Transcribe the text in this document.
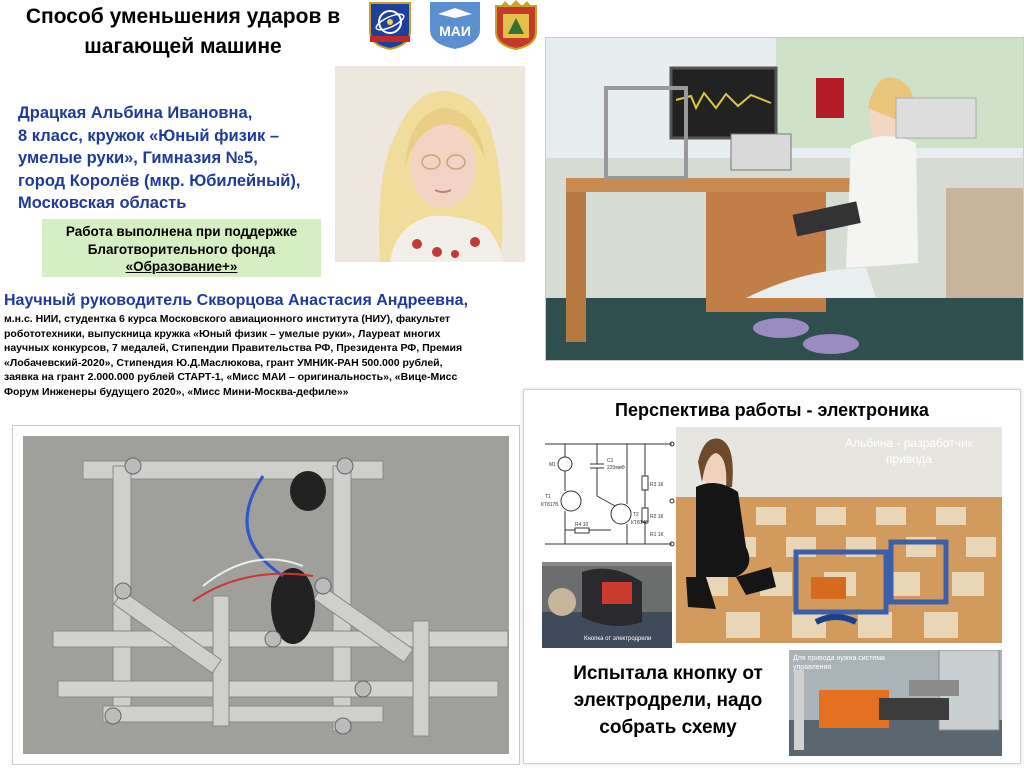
Способ уменьшения ударов в шагающей машине
МАИ
Драцкая Альбина Ивановна,
8 класс, кружок «Юный физик –
умелые руки», Гимназия №5,
город Королёв (мкр. Юбилейный),
Московская область
Работа выполнена при поддержке
Благотворительного фонда
«Образование+»
Научный руководитель Скворцова Анастасия Андреевна,
м.н.с. НИИ, студентка 6 курса Московского авиационного института (НИУ), факультет
робототехники, выпускница кружка «Юный физик – умелые руки», Лауреат многих
научных конкурсов, 7 медалей, Стипендии Правительства РФ, Президента РФ, Премия
«Лобачевский-2020», Стипендия Ю.Д.Маслюкова, грант УМНИК-РАН 500.000 рублей,
заявка на грант 2.000.000 рублей СТАРТ-1, «Мисс МАИ – оригинальность», «Вице-Мисс
Форум Инженеры будущего 2020», «Мисс Мини-Москва-дефиле»»
Перспектива работы - электроника
M1
T1
КТ817Б
C1
220мкФ
T2
КТ814Б
R3 1К
R2 1К
R4 10
R1 1К
Кнопка от электродрели
Альбина - разработчик привода
Испытала кнопку от
электродрели, надо
собрать схему
Для привода нужна система управления
